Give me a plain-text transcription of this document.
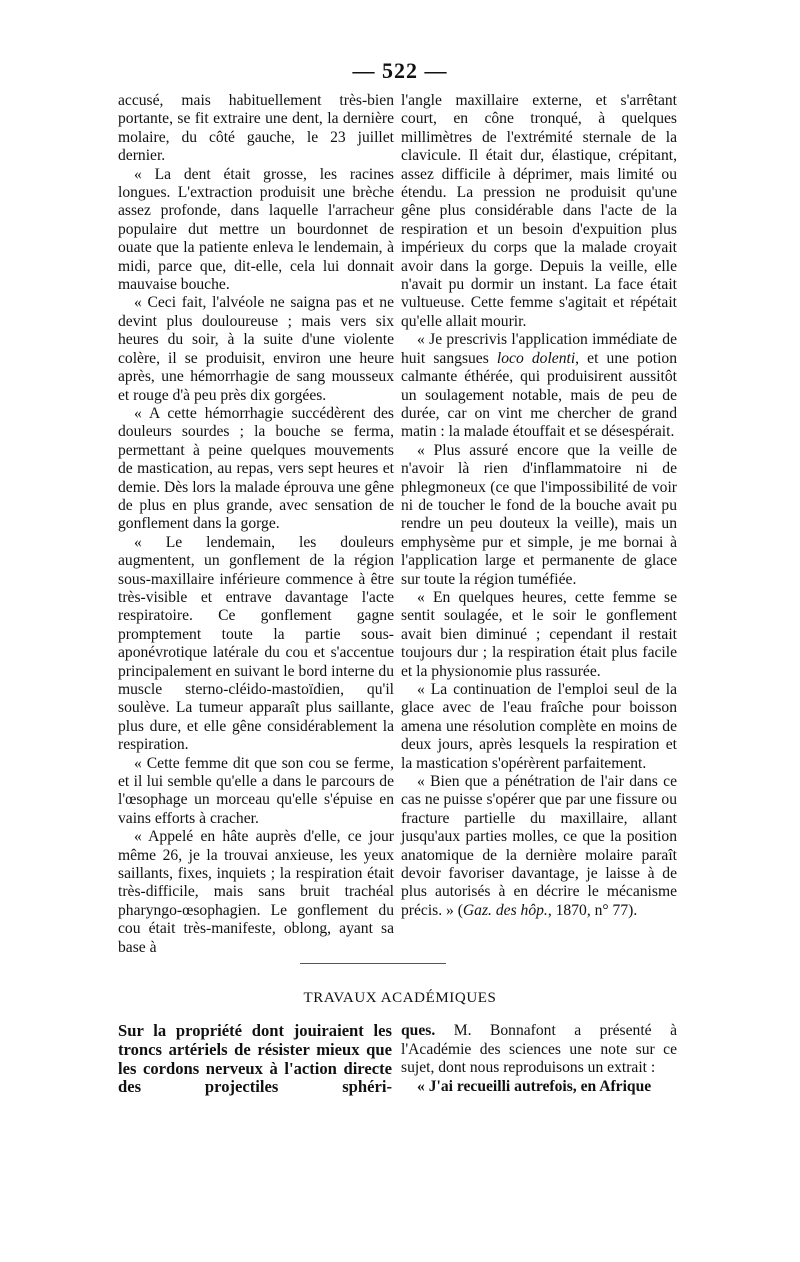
— 522 —

accusé, mais habituellement très-bien portante, se fit extraire une dent, la dernière molaire, du côté gauche, le 23 juillet dernier.

« La dent était grosse, les racines longues. L'extraction produisit une brèche assez profonde, dans laquelle l'arracheur populaire dut mettre un bourdonnet de ouate que la patiente enleva le lendemain, à midi, parce que, dit-elle, cela lui donnait mauvaise bouche.

« Ceci fait, l'alvéole ne saigna pas et ne devint plus douloureuse ; mais vers six heures du soir, à la suite d'une violente colère, il se produisit, environ une heure après, une hémorrhagie de sang mousseux et rouge d'à peu près dix gorgées.

« A cette hémorrhagie succédèrent des douleurs sourdes ; la bouche se ferma, permettant à peine quelques mouvements de mastication, au repas, vers sept heures et demie. Dès lors la malade éprouva une gêne de plus en plus grande, avec sensation de gonflement dans la gorge.

« Le lendemain, les douleurs augmentent, un gonflement de la région sous-maxillaire inférieure commence à être très-visible et entrave davantage l'acte respiratoire. Ce gonflement gagne promptement toute la partie sous-aponévrotique latérale du cou et s'accentue principalement en suivant le bord interne du muscle sterno-cléido-mastoïdien, qu'il soulève. La tumeur apparaît plus saillante, plus dure, et elle gêne considérablement la respiration.

« Cette femme dit que son cou se ferme, et il lui semble qu'elle a dans le parcours de l'œsophage un morceau qu'elle s'épuise en vains efforts à cracher.

« Appelé en hâte auprès d'elle, ce jour même 26, je la trouvai anxieuse, les yeux saillants, fixes, inquiets ; la respiration était très-difficile, mais sans bruit trachéal pharyngo-œsophagien. Le gonflement du cou était très-manifeste, oblong, ayant sa base à

l'angle maxillaire externe, et s'arrêtant court, en cône tronqué, à quelques millimètres de l'extrémité sternale de la clavicule. Il était dur, élastique, crépitant, assez difficile à déprimer, mais limité ou étendu. La pression ne produisit qu'une gêne plus considérable dans l'acte de la respiration et un besoin d'expuition plus impérieux du corps que la malade croyait avoir dans la gorge. Depuis la veille, elle n'avait pu dormir un instant. La face était vultueuse. Cette femme s'agitait et répétait qu'elle allait mourir.

« Je prescrivis l'application immédiate de huit sangsues loco dolenti, et une potion calmante éthérée, qui produisirent aussitôt un soulagement notable, mais de peu de durée, car on vint me chercher de grand matin : la malade étouffait et se désespérait.

« Plus assuré encore que la veille de n'avoir là rien d'inflammatoire ni de phlegmoneux (ce que l'impossibilité de voir ni de toucher le fond de la bouche avait pu rendre un peu douteux la veille), mais un emphysème pur et simple, je me bornai à l'application large et permanente de glace sur toute la région tuméfiée.

« En quelques heures, cette femme se sentit soulagée, et le soir le gonflement avait bien diminué ; cependant il restait toujours dur ; la respiration était plus facile et la physionomie plus rassurée.

« La continuation de l'emploi seul de la glace avec de l'eau fraîche pour boisson amena une résolution complète en moins de deux jours, après lesquels la respiration et la mastication s'opérèrent parfaitement.

« Bien que a pénétration de l'air dans ce cas ne puisse s'opérer que par une fissure ou fracture partielle du maxillaire, allant jusqu'aux parties molles, ce que la position anatomique de la dernière molaire paraît devoir favoriser davantage, je laisse à de plus autorisés à en décrire le mécanisme précis. » (Gaz. des hôp., 1870, n° 77).

TRAVAUX ACADÉMIQUES
Sur la propriété dont jouiraient les troncs artériels de résister mieux que les cordons nerveux à l'action directe des projectiles sphéri-

ques. M. Bonnafont a présenté à l'Académie des sciences une note sur ce sujet, dont nous reproduisons un extrait :

« J'ai recueilli autrefois, en Afrique
